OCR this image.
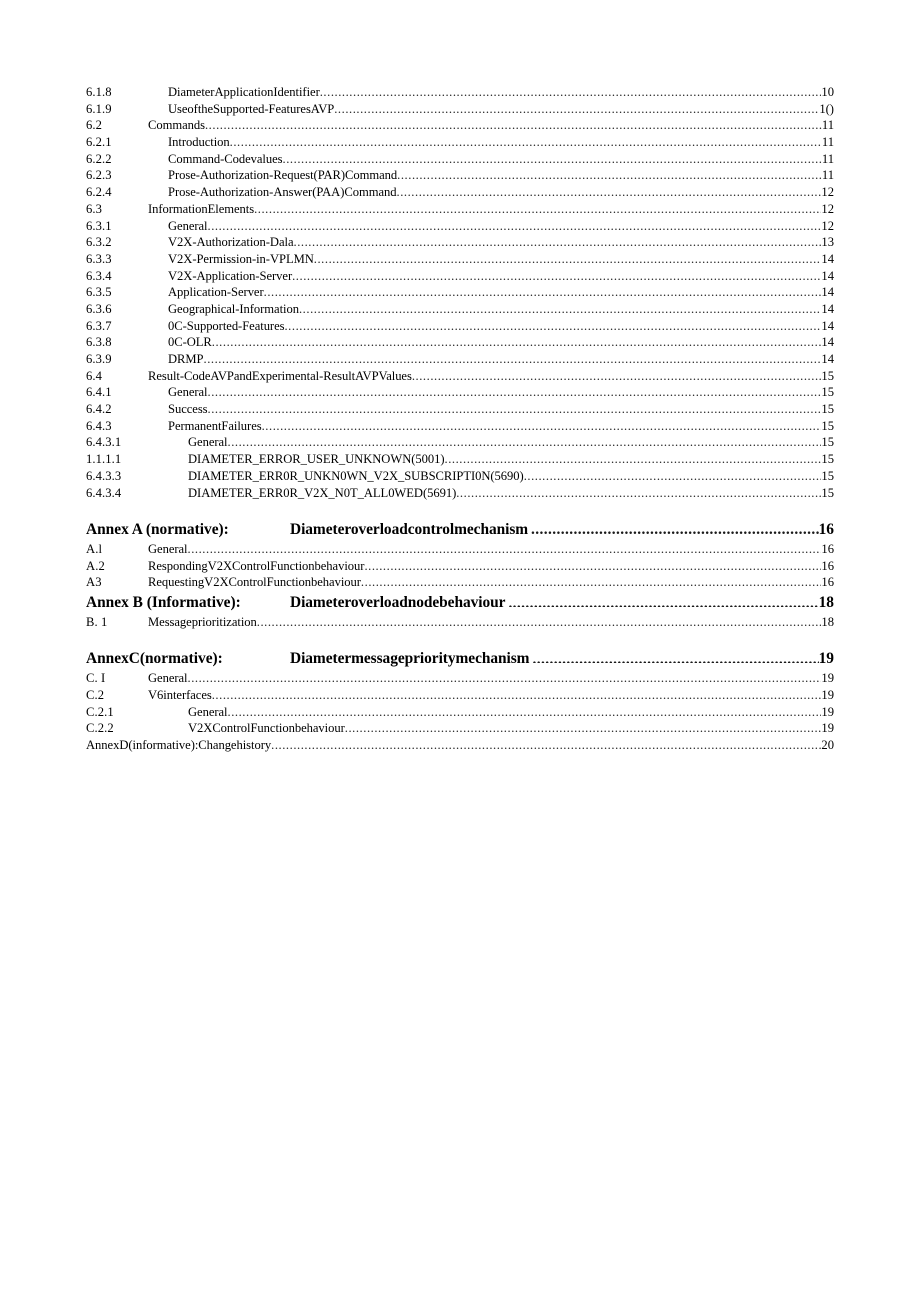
6.1.8	DiameterApplicationIdentifier .....	10
6.1.9	UseoftheSupported-FeaturesAVP .....	1()
6.2	Commands .....	11
6.2.1	Introduction .....	11
6.2.2	Command-Codevalues .....	11
6.2.3	Prose-Authorization-Request(PAR)Command .....	11
6.2.4	Prose-Authorization-Answer(PAA)Command .....	12
6.3	InformationElements .....	12
6.3.1	General .....	12
6.3.2	V2X-Authorization-Dala .....	13
6.3.3	V2X-Permission-in-VPLMN .....	14
6.3.4	V2X-Application-Server .....	14
6.3.5	Application-Server .....	14
6.3.6	Geographical-Information .....	14
6.3.7	0C-Supported-Features .....	14
6.3.8	0C-OLR .....	14
6.3.9	DRMP .....	14
6.4	Result-CodeAVPandExperimental-ResultAVPValues .....	15
6.4.1	General .....	15
6.4.2	Success .....	15
6.4.3	PermanentFailures .....	15
6.4.3.1	General .....	15
1.1.1.1	DIAMETER_ERROR_USER_UNKNOWN(5001) .....	15
6.4.3.3	DIAMETER_ERR0R_UNKN0WN_V2X_SUBSCRIPTI0N(5690) .....	15
6.4.3.4	DIAMETER_ERR0R_V2X_N0T_ALL0WED(5691) .....	15
Annex A (normative):	Diameteroverloadcontrolmechanism .....	16
A.l	General .....	16
A.2	RespondingV2XControlFunctionbehaviour .....	16
A3	RequestingV2XControlFunctionbehaviour .....	16
Annex B (Informative):	Diameteroverloadnodebehaviour .....	18
B. 1	Messageprioritization .....	18
AnnexC(normative):	Diametermessageprioritymechanism .....	19
C. I	General .....	19
C.2	V6interfaces .....	19
C.2.1	General .....	19
C.2.2	V2XControlFunctionbehaviour .....	19
AnnexD(informative):Changehistory .....	20
